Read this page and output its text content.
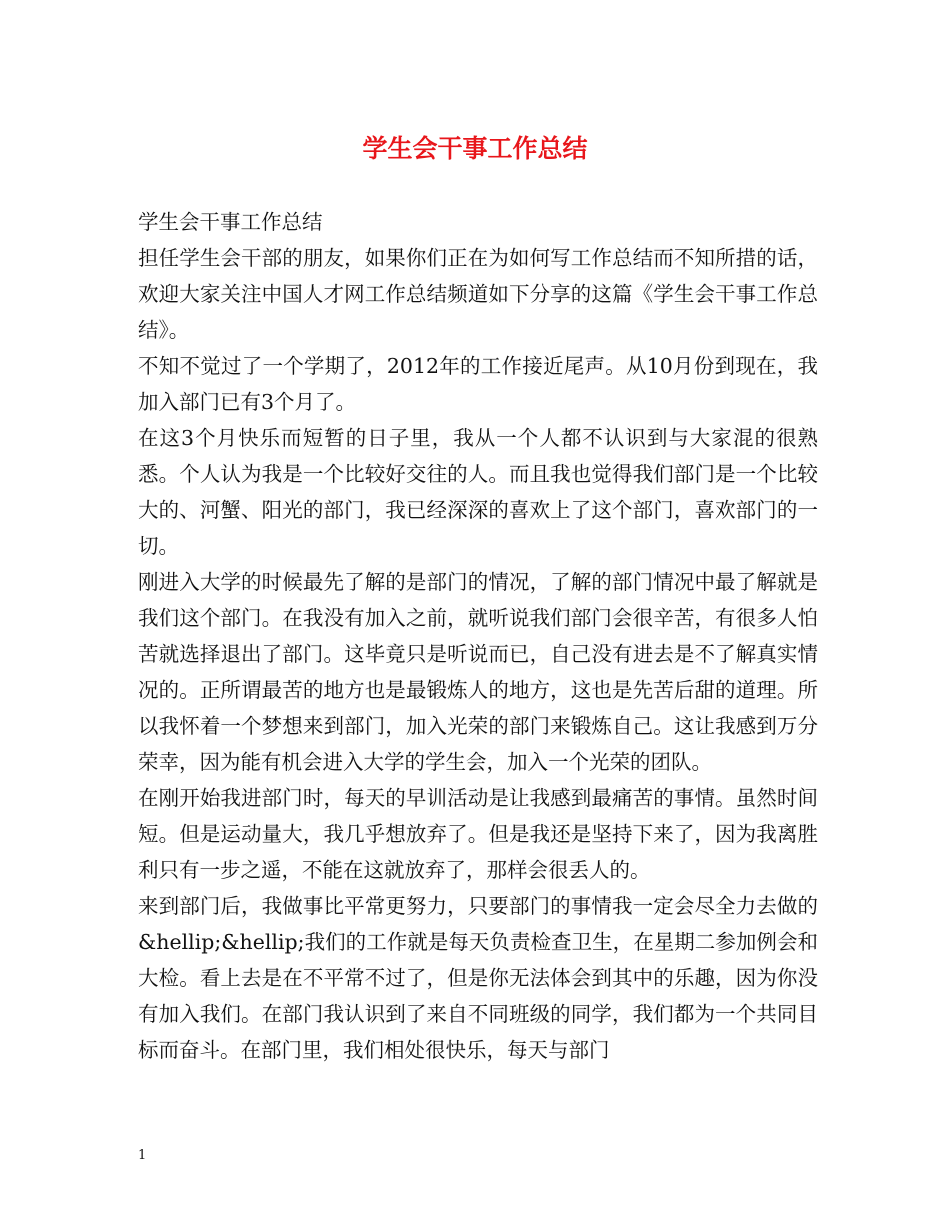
学生会干事工作总结

学生会干事工作总结

担任学生会干部的朋友，如果你们正在为如何写工作总结而不知所措的话，欢迎大家关注中国人才网工作总结频道如下分享的这篇《学生会干事工作总结》。

不知不觉过了一个学期了，2012年的工作接近尾声。从10月份到现在，我加入部门已有3个月了。

在这3个月快乐而短暂的日子里，我从一个人都不认识到与大家混的很熟悉。个人认为我是一个比较好交往的人。而且我也觉得我们部门是一个比较大的、河蟹、阳光的部门，我已经深深的喜欢上了这个部门，喜欢部门的一切。

刚进入大学的时候最先了解的是部门的情况，了解的部门情况中最了解就是我们这个部门。在我没有加入之前，就听说我们部门会很辛苦，有很多人怕苦就选择退出了部门。这毕竟只是听说而已，自己没有进去是不了解真实情况的。正所谓最苦的地方也是最锻炼人的地方，这也是先苦后甜的道理。所以我怀着一个梦想来到部门，加入光荣的部门来锻炼自己。这让我感到万分荣幸，因为能有机会进入大学的学生会，加入一个光荣的团队。

在刚开始我进部门时，每天的早训活动是让我感到最痛苦的事情。虽然时间短。但是运动量大，我几乎想放弃了。但是我还是坚持下来了，因为我离胜利只有一步之遥，不能在这就放弃了，那样会很丢人的。

来到部门后，我做事比平常更努力，只要部门的事情我一定会尽全力去做的&hellip;&hellip;我们的工作就是每天负责检查卫生，在星期二参加例会和大检。看上去是在不平常不过了，但是你无法体会到其中的乐趣，因为你没有加入我们。在部门我认识到了来自不同班级的同学，我们都为一个共同目标而奋斗。在部门里，我们相处很快乐，每天与部门

1
